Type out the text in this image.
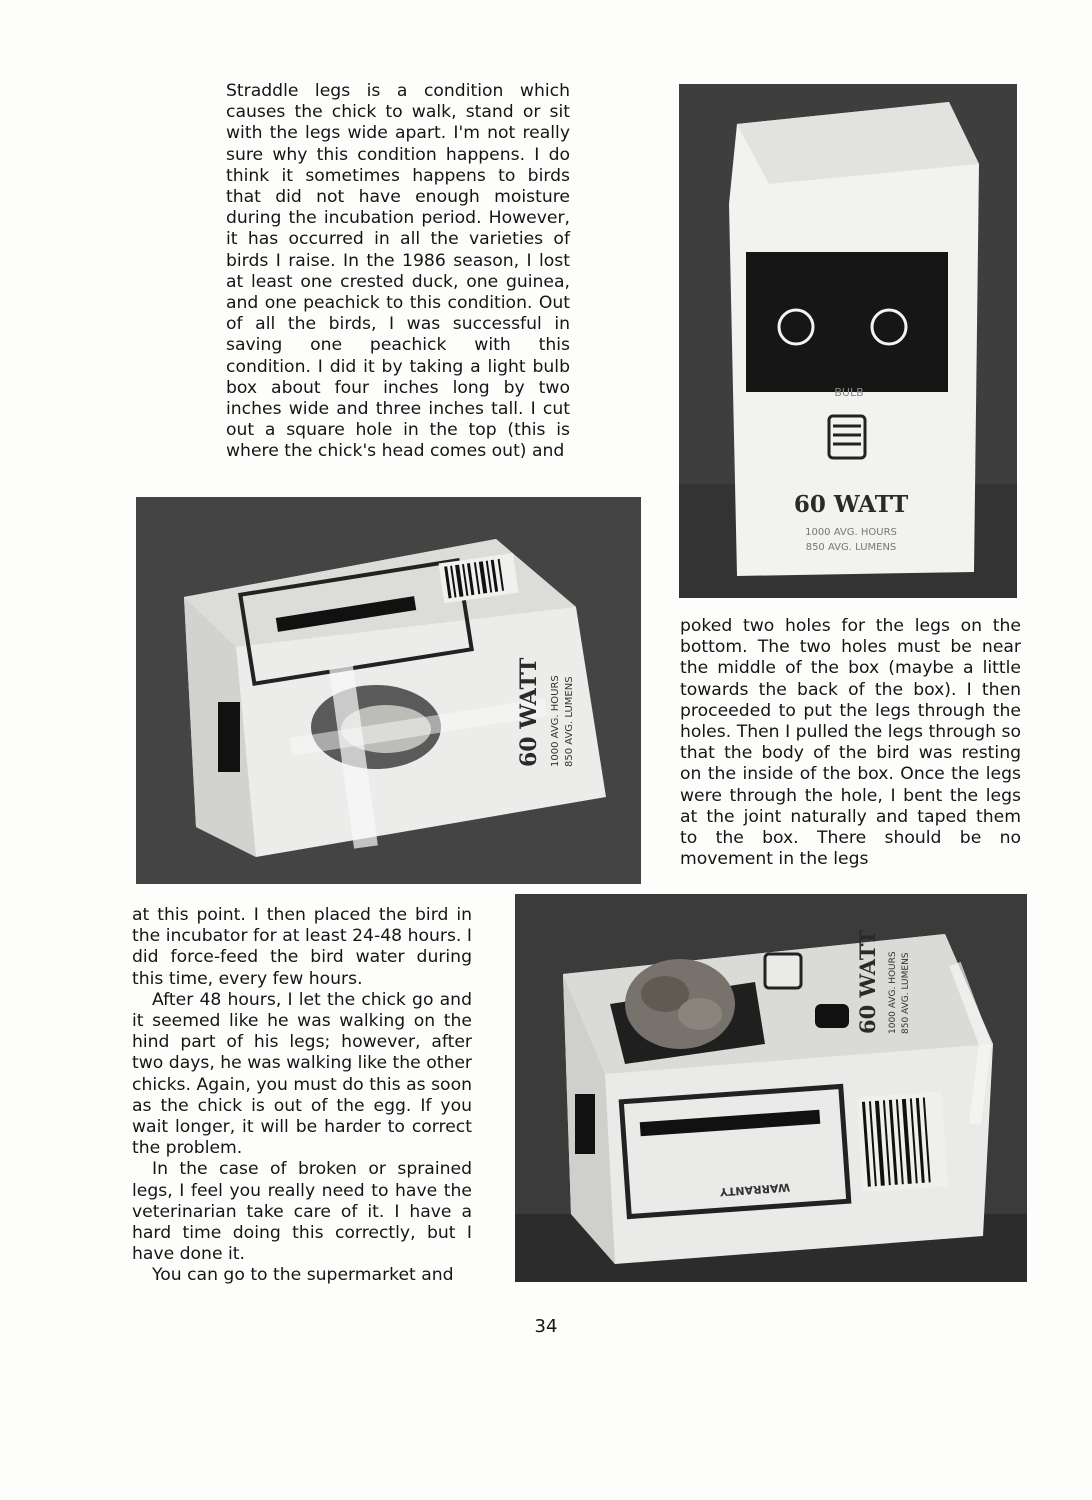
Straddle legs is a condition which causes the chick to walk, stand or sit with the legs wide apart. I'm not really sure why this condition happens. I do think it sometimes happens to birds that did not have enough moisture during the incubation period. However, it has occurred in all the varieties of birds I raise. In the 1986 season, I lost at least one crested duck, one guinea, and one peachick to this condition. Out of all the birds, I was successful in saving one peachick with this condition. I did it by taking a light bulb box about four inches long by two inches wide and three inches tall. I cut out a square hole in the top (this is where the chick's head comes out) and

BULB
60 WATT
1000 AVG. HOURS
850 AVG. LUMENS
60 WATT 1000 AVG. HOURS 850 AVG. LUMENS

poked two holes for the legs on the bottom. The two holes must be near the middle of the box (maybe a little towards the back of the box). I then proceeded to put the legs through the holes. Then I pulled the legs through so that the body of the bird was resting on the inside of the box. Once the legs were through the hole, I bent the legs at the joint naturally and taped them to the box. There should be no movement in the legs

at this point. I then placed the bird in the incubator for at least 24-48 hours. I did force-feed the bird water during this time, every few hours.

After 48 hours, I let the chick go and it seemed like he was walking on the hind part of his legs; however, after two days, he was walking like the other chicks. Again, you must do this as soon as the chick is out of the egg. If you wait longer, it will be harder to correct the problem.

In the case of broken or sprained legs, I feel you really need to have the veterinarian take care of it. I have a hard time doing this correctly, but I have done it.

You can go to the supermarket and

WARRANTY
60 WATT 1000 AVG. HOURS 850 AVG. LUMENS
34
